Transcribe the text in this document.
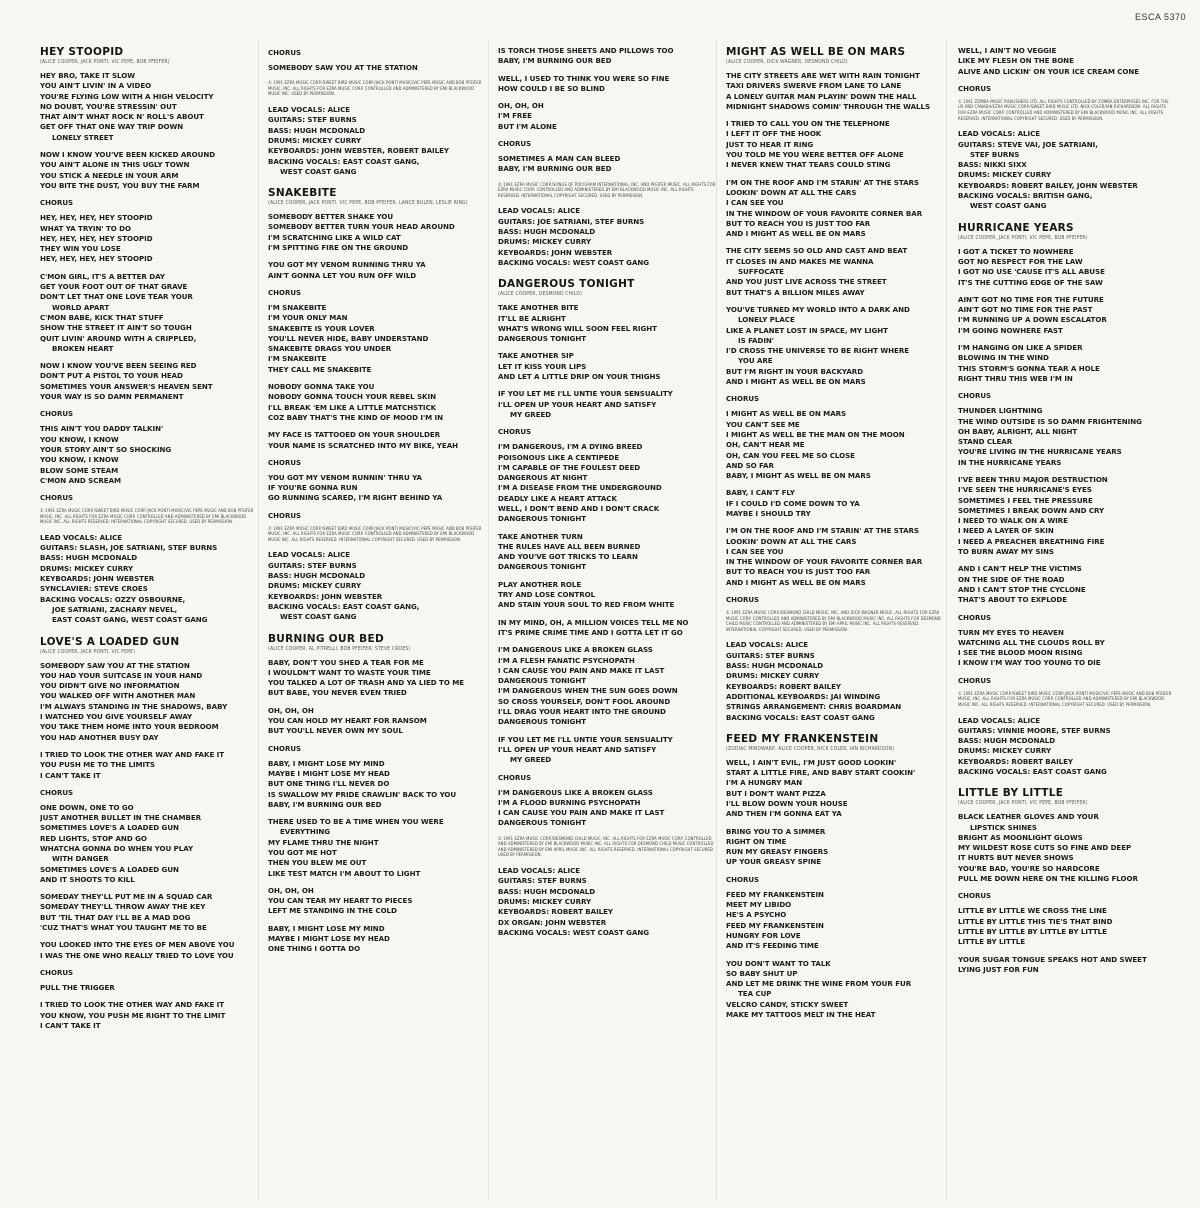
ESCA 5370
HEY STOOPID
(ALICE COOPER, JACK PONTI, VIC PEPE, BOB PFEIFER)
HEY BRO, TAKE IT SLOW
YOU AIN'T LIVIN' IN A VIDEO
YOU'RE FLYING LOW WITH A HIGH VELOCITY
NO DOUBT, YOU'RE STRESSIN' OUT
THAT AIN'T WHAT ROCK N' ROLL'S ABOUT
GET OFF THAT ONE WAY TRIP DOWN
LONELY STREET
NOW I KNOW YOU'VE BEEN KICKED AROUND
YOU AIN'T ALONE IN THIS UGLY TOWN
YOU STICK A NEEDLE IN YOUR ARM
YOU BITE THE DUST, YOU BUY THE FARM
CHORUS
HEY, HEY, HEY, HEY STOOPID
WHAT YA TRYIN' TO DO
HEY, HEY, HEY, HEY STOOPID
THEY WIN YOU LOSE
HEY, HEY, HEY, HEY STOOPID
C'MON GIRL, IT'S A BETTER DAY
GET YOUR FOOT OUT OF THAT GRAVE
DON'T LET THAT ONE LOVE TEAR YOUR
WORLD APART
C'MON BABE, KICK THAT STUFF
SHOW THE STREET IT AIN'T SO TOUGH
QUIT LIVIN' AROUND WITH A CRIPPLED,
BROKEN HEART
NOW I KNOW YOU'VE BEEN SEEING RED
DON'T PUT A PISTOL TO YOUR HEAD
SOMETIMES YOUR ANSWER'S HEAVEN SENT
YOUR WAY IS SO DAMN PERMANENT
CHORUS
THIS AIN'T YOU DADDY TALKIN'
YOU KNOW, I KNOW
YOUR STORY AIN'T SO SHOCKING
YOU KNOW, I KNOW
BLOW SOME STEAM
C'MON AND SCREAM
CHORUS
© 1991 EZRA MUSIC CORP./SWEET BIRD MUSIC CORP./JACK PONTI MUSIC/VIC PEPE MUSIC AND BOB PFEIFER MUSIC, INC. ALL RIGHTS FOR EZRA MUSIC CORP. CONTROLLED AND ADMINISTERED BY EMI BLACKWOOD MUSIC INC. ALL RIGHTS RESERVED. INTERNATIONAL COPYRIGHT SECURED. USED BY PERMISSION.
LEAD VOCALS: ALICE
GUITARS: SLASH, JOE SATRIANI, STEF BURNS
BASS: HUGH MCDONALD
DRUMS: MICKEY CURRY
KEYBOARDS: JOHN WEBSTER
SYNCLAVIER: STEVE CROES
BACKING VOCALS: OZZY OSBOURNE,
JOE SATRIANI, ZACHARY NEVEL,
EAST COAST GANG, WEST COAST GANG
LOVE'S A LOADED GUN
(ALICE COOPER, JACK PONTI, VIC PEPE)
SOMEBODY SAW YOU AT THE STATION
YOU HAD YOUR SUITCASE IN YOUR HAND
YOU DIDN'T GIVE NO INFORMATION
YOU WALKED OFF WITH ANOTHER MAN
I'M ALWAYS STANDING IN THE SHADOWS, BABY
I WATCHED YOU GIVE YOURSELF AWAY
YOU TAKE THEM HOME INTO YOUR BEDROOM
YOU HAD ANOTHER BUSY DAY
I TRIED TO LOOK THE OTHER WAY AND FAKE IT
YOU PUSH ME TO THE LIMITS
I CAN'T TAKE IT
CHORUS
ONE DOWN, ONE TO GO
JUST ANOTHER BULLET IN THE CHAMBER
SOMETIMES LOVE'S A LOADED GUN
RED LIGHTS, STOP AND GO
WHATCHA GONNA DO WHEN YOU PLAY
WITH DANGER
SOMETIMES LOVE'S A LOADED GUN
AND IT SHOOTS TO KILL
SOMEDAY THEY'LL PUT ME IN A SQUAD CAR
SOMEDAY THEY'LL THROW AWAY THE KEY
BUT 'TIL THAT DAY I'LL BE A MAD DOG
'CUZ THAT'S WHAT YOU TAUGHT ME TO BE
YOU LOOKED INTO THE EYES OF MEN ABOVE YOU
I WAS THE ONE WHO REALLY TRIED TO LOVE YOU
CHORUS
PULL THE TRIGGER
I TRIED TO LOOK THE OTHER WAY AND FAKE IT
YOU KNOW, YOU PUSH ME RIGHT TO THE LIMIT
I CAN'T TAKE IT
CHORUS
SOMEBODY SAW YOU AT THE STATION
© 1991 EZRA MUSIC CORP./SWEET BIRD MUSIC CORP./JACK PONTI MUSIC/VIC PEPE MUSIC AND BOB PFEIFER MUSIC, INC. ALL RIGHTS FOR EZRA MUSIC CORP. CONTROLLED AND ADMINISTERED BY EMI BLACKWOOD MUSIC INC. USED BY PERMISSION.
LEAD VOCALS: ALICE
GUITARS: STEF BURNS
BASS: HUGH MCDONALD
DRUMS: MICKEY CURRY
KEYBOARDS: JOHN WEBSTER, ROBERT BAILEY
BACKING VOCALS: EAST COAST GANG,
WEST COAST GANG
SNAKEBITE
(ALICE COOPER, JACK PONTI, VIC PEPE, BOB PFEIFER, LANCE BULEN, LESLIE RING)
SOMEBODY BETTER SHAKE YOU
SOMEBODY BETTER TURN YOUR HEAD AROUND
I'M SCRATCHING LIKE A WILD CAT
I'M SPITTING FIRE ON THE GROUND
YOU GOT MY VENOM RUNNING THRU YA
AIN'T GONNA LET YOU RUN OFF WILD
CHORUS
I'M SNAKEBITE
I'M YOUR ONLY MAN
SNAKEBITE IS YOUR LOVER
YOU'LL NEVER HIDE, BABY UNDERSTAND
SNAKEBITE DRAGS YOU UNDER
I'M SNAKEBITE
THEY CALL ME SNAKEBITE
NOBODY GONNA TAKE YOU
NOBODY GONNA TOUCH YOUR REBEL SKIN
I'LL BREAK 'EM LIKE A LITTLE MATCHSTICK
COZ BABY THAT'S THE KIND OF MOOD I'M IN
MY FACE IS TATTOOED ON YOUR SHOULDER
YOUR NAME IS SCRATCHED INTO MY BIKE, YEAH
CHORUS
YOU GOT MY VENOM RUNNIN' THRU YA
IF YOU'RE GONNA RUN
GO RUNNING SCARED, I'M RIGHT BEHIND YA
CHORUS
© 1991 EZRA MUSIC CORP./SWEET BIRD MUSIC CORP./JACK PONTI MUSIC/VIC PEPE MUSIC AND BOB PFEIFER MUSIC, INC. ALL RIGHTS FOR EZRA MUSIC CORP. CONTROLLED AND ADMINISTERED BY EMI BLACKWOOD MUSIC INC. ALL RIGHTS RESERVED. INTERNATIONAL COPYRIGHT SECURED. USED BY PERMISSION.
LEAD VOCALS: ALICE
GUITARS: STEF BURNS
BASS: HUGH MCDONALD
DRUMS: MICKEY CURRY
KEYBOARDS: JOHN WEBSTER
BACKING VOCALS: EAST COAST GANG,
WEST COAST GANG
BURNING OUR BED
(ALICE COOPER, AL PITRELLI, BOB PFEIFER, STEVE CROES)
BABY, DON'T YOU SHED A TEAR FOR ME
I WOULDN'T WANT TO WASTE YOUR TIME
YOU TALKED A LOT OF TRASH AND YA LIED TO ME
BUT BABE, YOU NEVER EVEN TRIED
OH, OH, OH
YOU CAN HOLD MY HEART FOR RANSOM
BUT YOU'LL NEVER OWN MY SOUL
CHORUS
BABY, I MIGHT LOSE MY MIND
MAYBE I MIGHT LOSE MY HEAD
BUT ONE THING I'LL NEVER DO
IS SWALLOW MY PRIDE CRAWLIN' BACK TO YOU
BABY, I'M BURNING OUR BED
THERE USED TO BE A TIME WHEN YOU WERE
EVERYTHING
MY FLAME THRU THE NIGHT
YOU GOT ME HOT
THEN YOU BLEW ME OUT
LIKE TEST MATCH I'M ABOUT TO LIGHT
OH, OH, OH
YOU CAN TEAR MY HEART TO PIECES
LEFT ME STANDING IN THE COLD
BABY, I MIGHT LOSE MY MIND
MAYBE I MIGHT LOSE MY HEAD
ONE THING I GOTTA DO
IS TORCH THOSE SHEETS AND PILLOWS TOO
BABY, I'M BURNING OUR BED
WELL, I USED TO THINK YOU WERE SO FINE
HOW COULD I BE SO BLIND
OH, OH, OH
I'M FREE
BUT I'M ALONE
CHORUS
SOMETIMES A MAN CAN BLEED
BABY, I'M BURNING OUR BED
© 1991 EZRA MUSIC CORP./SONGS OF POLYGRAM INTERNATIONAL, INC. AND PFEIFER MUSIC. ALL RIGHTS FOR EZRA MUSIC CORP. CONTROLLED AND ADMINISTERED BY EMI BLACKWOOD MUSIC INC. ALL RIGHTS RESERVED. INTERNATIONAL COPYRIGHT SECURED. USED BY PERMISSION.
LEAD VOCALS: ALICE
GUITARS: JOE SATRIANI, STEF BURNS
BASS: HUGH MCDONALD
DRUMS: MICKEY CURRY
KEYBOARDS: JOHN WEBSTER
BACKING VOCALS: WEST COAST GANG
DANGEROUS TONIGHT
(ALICE COOPER, DESMOND CHILD)
TAKE ANOTHER BITE
IT'LL BE ALRIGHT
WHAT'S WRONG WILL SOON FEEL RIGHT
DANGEROUS TONIGHT
TAKE ANOTHER SIP
LET IT KISS YOUR LIPS
AND LET A LITTLE DRIP ON YOUR THIGHS
IF YOU LET ME I'LL UNTIE YOUR SENSUALITY
I'LL OPEN UP YOUR HEART AND SATISFY
MY GREED
CHORUS
I'M DANGEROUS, I'M A DYING BREED
POISONOUS LIKE A CENTIPEDE
I'M CAPABLE OF THE FOULEST DEED
DANGEROUS AT NIGHT
I'M A DISEASE FROM THE UNDERGROUND
DEADLY LIKE A HEART ATTACK
WELL, I DON'T BEND AND I DON'T CRACK
DANGEROUS TONIGHT
TAKE ANOTHER TURN
THE RULES HAVE ALL BEEN BURNED
AND YOU'VE GOT TRICKS TO LEARN
DANGEROUS TONIGHT
PLAY ANOTHER ROLE
TRY AND LOSE CONTROL
AND STAIN YOUR SOUL TO RED FROM WHITE
IN MY MIND, OH, A MILLION VOICES TELL ME NO
IT'S PRIME CRIME TIME AND I GOTTA LET IT GO
I'M DANGEROUS LIKE A BROKEN GLASS
I'M A FLESH FANATIC PSYCHOPATH
I CAN CAUSE YOU PAIN AND MAKE IT LAST
DANGEROUS TONIGHT
I'M DANGEROUS WHEN THE SUN GOES DOWN
SO CROSS YOURSELF, DON'T FOOL AROUND
I'LL DRAG YOUR HEART INTO THE GROUND
DANGEROUS TONIGHT
IF YOU LET ME I'LL UNTIE YOUR SENSUALITY
I'LL OPEN UP YOUR HEART AND SATISFY
MY GREED
CHORUS
I'M DANGEROUS LIKE A BROKEN GLASS
I'M A FLOOD BURNING PSYCHOPATH
I CAN CAUSE YOU PAIN AND MAKE IT LAST
DANGEROUS TONIGHT
© 1991 EZRA MUSIC CORP./DESMOND CHILD MUSIC, INC. ALL RIGHTS FOR EZRA MUSIC CORP. CONTROLLED AND ADMINISTERED BY EMI BLACKWOOD MUSIC INC. ALL RIGHTS FOR DESMOND CHILD MUSIC CONTROLLED AND ADMINISTERED BY EMI APRIL MUSIC INC. ALL RIGHTS RESERVED. INTERNATIONAL COPYRIGHT SECURED. USED BY PERMISSION.
LEAD VOCALS: ALICE
GUITARS: STEF BURNS
BASS: HUGH MCDONALD
DRUMS: MICKEY CURRY
KEYBOARDS: ROBERT BAILEY
DX ORGAN: JOHN WEBSTER
BACKING VOCALS: WEST COAST GANG
MIGHT AS WELL BE ON MARS
(ALICE COOPER, DICK WAGNER, DESMOND CHILD)
THE CITY STREETS ARE WET WITH RAIN TONIGHT
TAXI DRIVERS SWERVE FROM LANE TO LANE
A LONELY GUITAR MAN PLAYIN' DOWN THE HALL
MIDNIGHT SHADOWS COMIN' THROUGH THE WALLS
I TRIED TO CALL YOU ON THE TELEPHONE
I LEFT IT OFF THE HOOK
JUST TO HEAR IT RING
YOU TOLD ME YOU WERE BETTER OFF ALONE
I NEVER KNEW THAT TEARS COULD STING
I'M ON THE ROOF AND I'M STARIN' AT THE STARS
LOOKIN' DOWN AT ALL THE CARS
I CAN SEE YOU
IN THE WINDOW OF YOUR FAVORITE CORNER BAR
BUT TO REACH YOU IS JUST TOO FAR
AND I MIGHT AS WELL BE ON MARS
THE CITY SEEMS SO OLD AND CAST AND BEAT
IT CLOSES IN AND MAKES ME WANNA
SUFFOCATE
AND YOU JUST LIVE ACROSS THE STREET
BUT THAT'S A BILLION MILES AWAY
YOU'VE TURNED MY WORLD INTO A DARK AND
LONELY PLACE
LIKE A PLANET LOST IN SPACE, MY LIGHT
IS FADIN'
I'D CROSS THE UNIVERSE TO BE RIGHT WHERE
YOU ARE
BUT I'M RIGHT IN YOUR BACKYARD
AND I MIGHT AS WELL BE ON MARS
CHORUS
I MIGHT AS WELL BE ON MARS
YOU CAN'T SEE ME
I MIGHT AS WELL BE THE MAN ON THE MOON
OH, CAN'T HEAR ME
OH, CAN YOU FEEL ME SO CLOSE
AND SO FAR
BABY, I MIGHT AS WELL BE ON MARS
BABY, I CAN'T FLY
IF I COULD I'D COME DOWN TO YA
MAYBE I SHOULD TRY
I'M ON THE ROOF AND I'M STARIN' AT THE STARS
LOOKIN' DOWN AT ALL THE CARS
I CAN SEE YOU
IN THE WINDOW OF YOUR FAVORITE CORNER BAR
BUT TO REACH YOU IS JUST TOO FAR
AND I MIGHT AS WELL BE ON MARS
CHORUS
© 1991 EZRA MUSIC CORP./DESMOND CHILD MUSIC, INC. AND DICK WAGNER MUSIC. ALL RIGHTS FOR EZRA MUSIC CORP. CONTROLLED AND ADMINISTERED BY EMI BLACKWOOD MUSIC INC. ALL RIGHTS FOR DESMOND CHILD MUSIC CONTROLLED AND ADMINISTERED BY EMI APRIL MUSIC INC. ALL RIGHTS RESERVED. INTERNATIONAL COPYRIGHT SECURED. USED BY PERMISSION.
LEAD VOCALS: ALICE
GUITARS: STEF BURNS
BASS: HUGH MCDONALD
DRUMS: MICKEY CURRY
KEYBOARDS: ROBERT BAILEY
ADDITIONAL KEYBOARDS: JAI WINDING
STRINGS ARRANGEMENT: CHRIS BOARDMAN
BACKING VOCALS: EAST COAST GANG
FEED MY FRANKENSTEIN
(ZODIAC MINDWARP, ALICE COOPER, NICK COLER, IAN RICHARDSON)
WELL, I AIN'T EVIL, I'M JUST GOOD LOOKIN'
START A LITTLE FIRE, AND BABY START COOKIN'
I'M A HUNGRY MAN
BUT I DON'T WANT PIZZA
I'LL BLOW DOWN YOUR HOUSE
AND THEN I'M GONNA EAT YA
BRING YOU TO A SIMMER
RIGHT ON TIME
RUN MY GREASY FINGERS
UP YOUR GREASY SPINE
CHORUS
FEED MY FRANKENSTEIN
MEET MY LIBIDO
HE'S A PSYCHO
FEED MY FRANKENSTEIN
HUNGRY FOR LOVE
AND IT'S FEEDING TIME
YOU DON'T WANT TO TALK
SO BABY SHUT UP
AND LET ME DRINK THE WINE FROM YOUR FUR
TEA CUP
VELCRO CANDY, STICKY SWEET
MAKE MY TATTOOS MELT IN THE HEAT
WELL, I AIN'T NO VEGGIE
LIKE MY FLESH ON THE BONE
ALIVE AND LICKIN' ON YOUR ICE CREAM CONE
CHORUS
© 1991 ZOMBA MUSIC PUBLISHERS LTD. ALL RIGHTS CONTROLLED BY ZOMBA ENTERPRISES INC. FOR THE US AND CANADA/EZRA MUSIC CORP./SWEET BIRD MUSIC LTD. NICK COLER/IAN RICHARDSON. ALL RIGHTS FOR EZRA MUSIC CORP. CONTROLLED AND ADMINISTERED BY EMI BLACKWOOD MUSIC INC. ALL RIGHTS RESERVED. INTERNATIONAL COPYRIGHT SECURED. USED BY PERMISSION.
LEAD VOCALS: ALICE
GUITARS: STEVE VAI, JOE SATRIANI,
STEF BURNS
BASS: NIKKI SIXX
DRUMS: MICKEY CURRY
KEYBOARDS: ROBERT BAILEY, JOHN WEBSTER
BACKING VOCALS: BRITISH GANG,
WEST COAST GANG
HURRICANE YEARS
(ALICE COOPER, JACK PONTI, VIC PEPE, BOB PFEIFER)
I GOT A TICKET TO NOWHERE
GOT NO RESPECT FOR THE LAW
I GOT NO USE 'CAUSE IT'S ALL ABUSE
IT'S THE CUTTING EDGE OF THE SAW
AIN'T GOT NO TIME FOR THE FUTURE
AIN'T GOT NO TIME FOR THE PAST
I'M RUNNING UP A DOWN ESCALATOR
I'M GOING NOWHERE FAST
I'M HANGING ON LIKE A SPIDER
BLOWING IN THE WIND
THIS STORM'S GONNA TEAR A HOLE
RIGHT THRU THIS WEB I'M IN
CHORUS
THUNDER LIGHTNING
THE WIND OUTSIDE IS SO DAMN FRIGHTENING
OH BABY, ALRIGHT, ALL NIGHT
STAND CLEAR
YOU'RE LIVING IN THE HURRICANE YEARS
IN THE HURRICANE YEARS
I'VE BEEN THRU MAJOR DESTRUCTION
I'VE SEEN THE HURRICANE'S EYES
SOMETIMES I FEEL THE PRESSURE
SOMETIMES I BREAK DOWN AND CRY
I NEED TO WALK ON A WIRE
I NEED A LAYER OF SKIN
I NEED A PREACHER BREATHING FIRE
TO BURN AWAY MY SINS
AND I CAN'T HELP THE VICTIMS
ON THE SIDE OF THE ROAD
AND I CAN'T STOP THE CYCLONE
THAT'S ABOUT TO EXPLODE
CHORUS
TURN MY EYES TO HEAVEN
WATCHING ALL THE CLOUDS ROLL BY
I SEE THE BLOOD MOON RISING
I KNOW I'M WAY TOO YOUNG TO DIE
CHORUS
© 1991 EZRA MUSIC CORP./SWEET BIRD MUSIC CORP./JACK PONTI MUSIC/VIC PEPE MUSIC AND BOB PFEIFER MUSIC, INC. ALL RIGHTS FOR EZRA MUSIC CORP. CONTROLLED AND ADMINISTERED BY EMI BLACKWOOD MUSIC INC. ALL RIGHTS RESERVED. INTERNATIONAL COPYRIGHT SECURED. USED BY PERMISSION.
LEAD VOCALS: ALICE
GUITARS: VINNIE MOORE, STEF BURNS
BASS: HUGH MCDONALD
DRUMS: MICKEY CURRY
KEYBOARDS: ROBERT BAILEY
BACKING VOCALS: EAST COAST GANG
LITTLE BY LITTLE
(ALICE COOPER, JACK PONTI, VIC PEPE, BOB PFEIFER)
BLACK LEATHER GLOVES AND YOUR
LIPSTICK SHINES
BRIGHT AS MOONLIGHT GLOWS
MY WILDEST ROSE CUTS SO FINE AND DEEP
IT HURTS BUT NEVER SHOWS
YOU'RE BAD, YOU'RE SO HARDCORE
PULL ME DOWN HERE ON THE KILLING FLOOR
CHORUS
LITTLE BY LITTLE WE CROSS THE LINE
LITTLE BY LITTLE THIS TIE'S THAT BIND
LITTLE BY LITTLE BY LITTLE BY LITTLE
LITTLE BY LITTLE
YOUR SUGAR TONGUE SPEAKS HOT AND SWEET
LYING JUST FOR FUN
